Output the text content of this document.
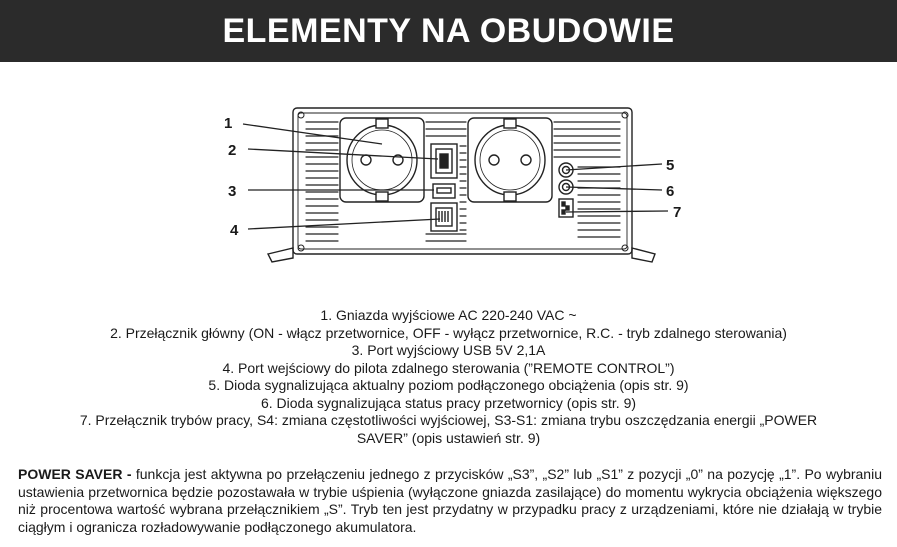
ELEMENTY NA OBUDOWIE
1
2
3
4
5
6
7
1. Gniazda wyjściowe AC 220-240 VAC ~
2. Przełącznik główny (ON - włącz przetwornice, OFF - wyłącz przetwornice, R.C. - tryb zdalnego sterowania)
3. Port wyjściowy USB 5V 2,1A
4. Port wejściowy do pilota zdalnego sterowania (”REMOTE CONTROL”)
5. Dioda sygnalizująca aktualny poziom podłączonego obciążenia (opis str. 9)
6. Dioda sygnalizująca status pracy przetwornicy (opis str. 9)
7. Przełącznik trybów pracy, S4: zmiana częstotliwości wyjściowej, S3-S1: zmiana trybu oszczędzania energii „POWER
SAVER” (opis ustawień str. 9)
POWER SAVER - funkcja jest aktywna po przełączeniu jednego z przycisków „S3”, „S2” lub „S1” z pozycji „0” na pozycję „1”. Po wybraniu ustawienia przetwornica będzie pozostawała w trybie uśpienia (wyłączone gniazda zasilające) do momentu wykrycia obciążenia większego niż procentowa wartość wybrana przełącznikiem „S”. Tryb ten jest przydatny w przypadku pracy z urządzeniami, które nie działają w trybie ciągłym i ogranicza rozładowywanie podłączonego akumulatora.
